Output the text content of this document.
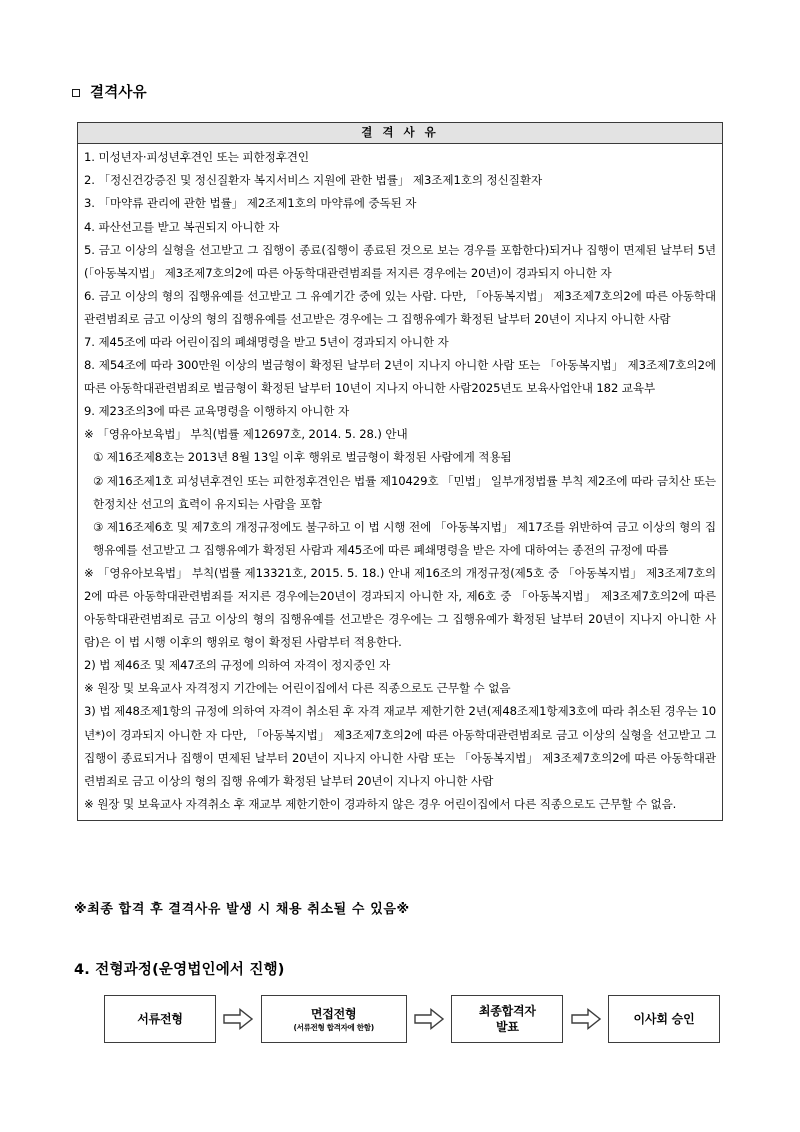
결격사유
결 격 사 유

1. 미성년자·피성년후견인 또는 피한정후견인

2. 「정신건강증진 및 정신질환자 복지서비스 지원에 관한 법률」 제3조제1호의 정신질환자

3. 「마약류 관리에 관한 법률」 제2조제1호의 마약류에 중독된 자

4. 파산선고를 받고 복권되지 아니한 자

5. 금고 이상의 실형을 선고받고 그 집행이 종료(집행이 종료된 것으로 보는 경우를 포함한다)되거나 집행이 면제된 날부터 5년(「아동복지법」 제3조제7호의2에 따른 아동학대관련범죄를 저지른 경우에는 20년)이 경과되지 아니한 자

6. 금고 이상의 형의 집행유예를 선고받고 그 유예기간 중에 있는 사람. 다만, 「아동복지법」 제3조제7호의2에 따른 아동학대관련범죄로 금고 이상의 형의 집행유예를 선고받은 경우에는 그 집행유예가 확정된 날부터 20년이 지나지 아니한 사람

7. 제45조에 따라 어린이집의 폐쇄명령을 받고 5년이 경과되지 아니한 자

8. 제54조에 따라 300만원 이상의 벌금형이 확정된 날부터 2년이 지나지 아니한 사람 또는 「아동복지법」 제3조제7호의2에 따른 아동학대관련범죄로 벌금형이 확정된 날부터 10년이 지나지 아니한 사람2025년도 보육사업안내 182 교육부

9. 제23조의3에 따른 교육명령을 이행하지 아니한 자

※ 「영유아보육법」 부칙(법률 제12697호, 2014. 5. 28.) 안내

① 제16조제8호는 2013년 8월 13일 이후 행위로 벌금형이 확정된 사람에게 적용됨

② 제16조제1호 피성년후견인 또는 피한정후견인은 법률 제10429호 「민법」 일부개정법률 부칙 제2조에 따라 금치산 또는 한정치산 선고의 효력이 유지되는 사람을 포함

③ 제16조제6호 및 제7호의 개정규정에도 불구하고 이 법 시행 전에 「아동복지법」 제17조를 위반하여 금고 이상의 형의 집행유예를 선고받고 그 집행유예가 확정된 사람과 제45조에 따른 폐쇄명령을 받은 자에 대하여는 종전의 규정에 따름

※ 「영유아보육법」 부칙(법률 제13321호, 2015. 5. 18.) 안내 제16조의 개정규정(제5호 중 「아동복지법」 제3조제7호의2에 따른 아동학대관련범죄를 저지른 경우에는20년이 경과되지 아니한 자, 제6호 중 「아동복지법」 제3조제7호의2에 따른 아동학대관련범죄로 금고 이상의 형의 집행유예를 선고받은 경우에는 그 집행유예가 확정된 날부터 20년이 지나지 아니한 사람)은 이 법 시행 이후의 행위로 형이 확정된 사람부터 적용한다.

2) 법 제46조 및 제47조의 규정에 의하여 자격이 정지중인 자

※ 원장 및 보육교사 자격정지 기간에는 어린이집에서 다른 직종으로도 근무할 수 없음

3) 법 제48조제1항의 규정에 의하여 자격이 취소된 후 자격 재교부 제한기한 2년(제48조제1항제3호에 따라 취소된 경우는 10년*)이 경과되지 아니한 자 다만, 「아동복지법」 제3조제7호의2에 따른 아동학대관련범죄로 금고 이상의 실형을 선고받고 그 집행이 종료되거나 집행이 면제된 날부터 20년이 지나지 아니한 사람 또는 「아동복지법」 제3조제7호의2에 따른 아동학대관련범죄로 금고 이상의 형의 집행 유예가 확정된 날부터 20년이 지나지 아니한 사람

※ 원장 및 보육교사 자격취소 후 재교부 제한기한이 경과하지 않은 경우 어린이집에서 다른 직종으로도 근무할 수 없음.

※최종 합격 후 결격사유 발생 시 채용 취소될 수 있음※
4. 전형과정(운영법인에서 진행)
서류전형	면접전형
(서류전형 합격자에 한함)
최종합격자
발표
이사회 승인
